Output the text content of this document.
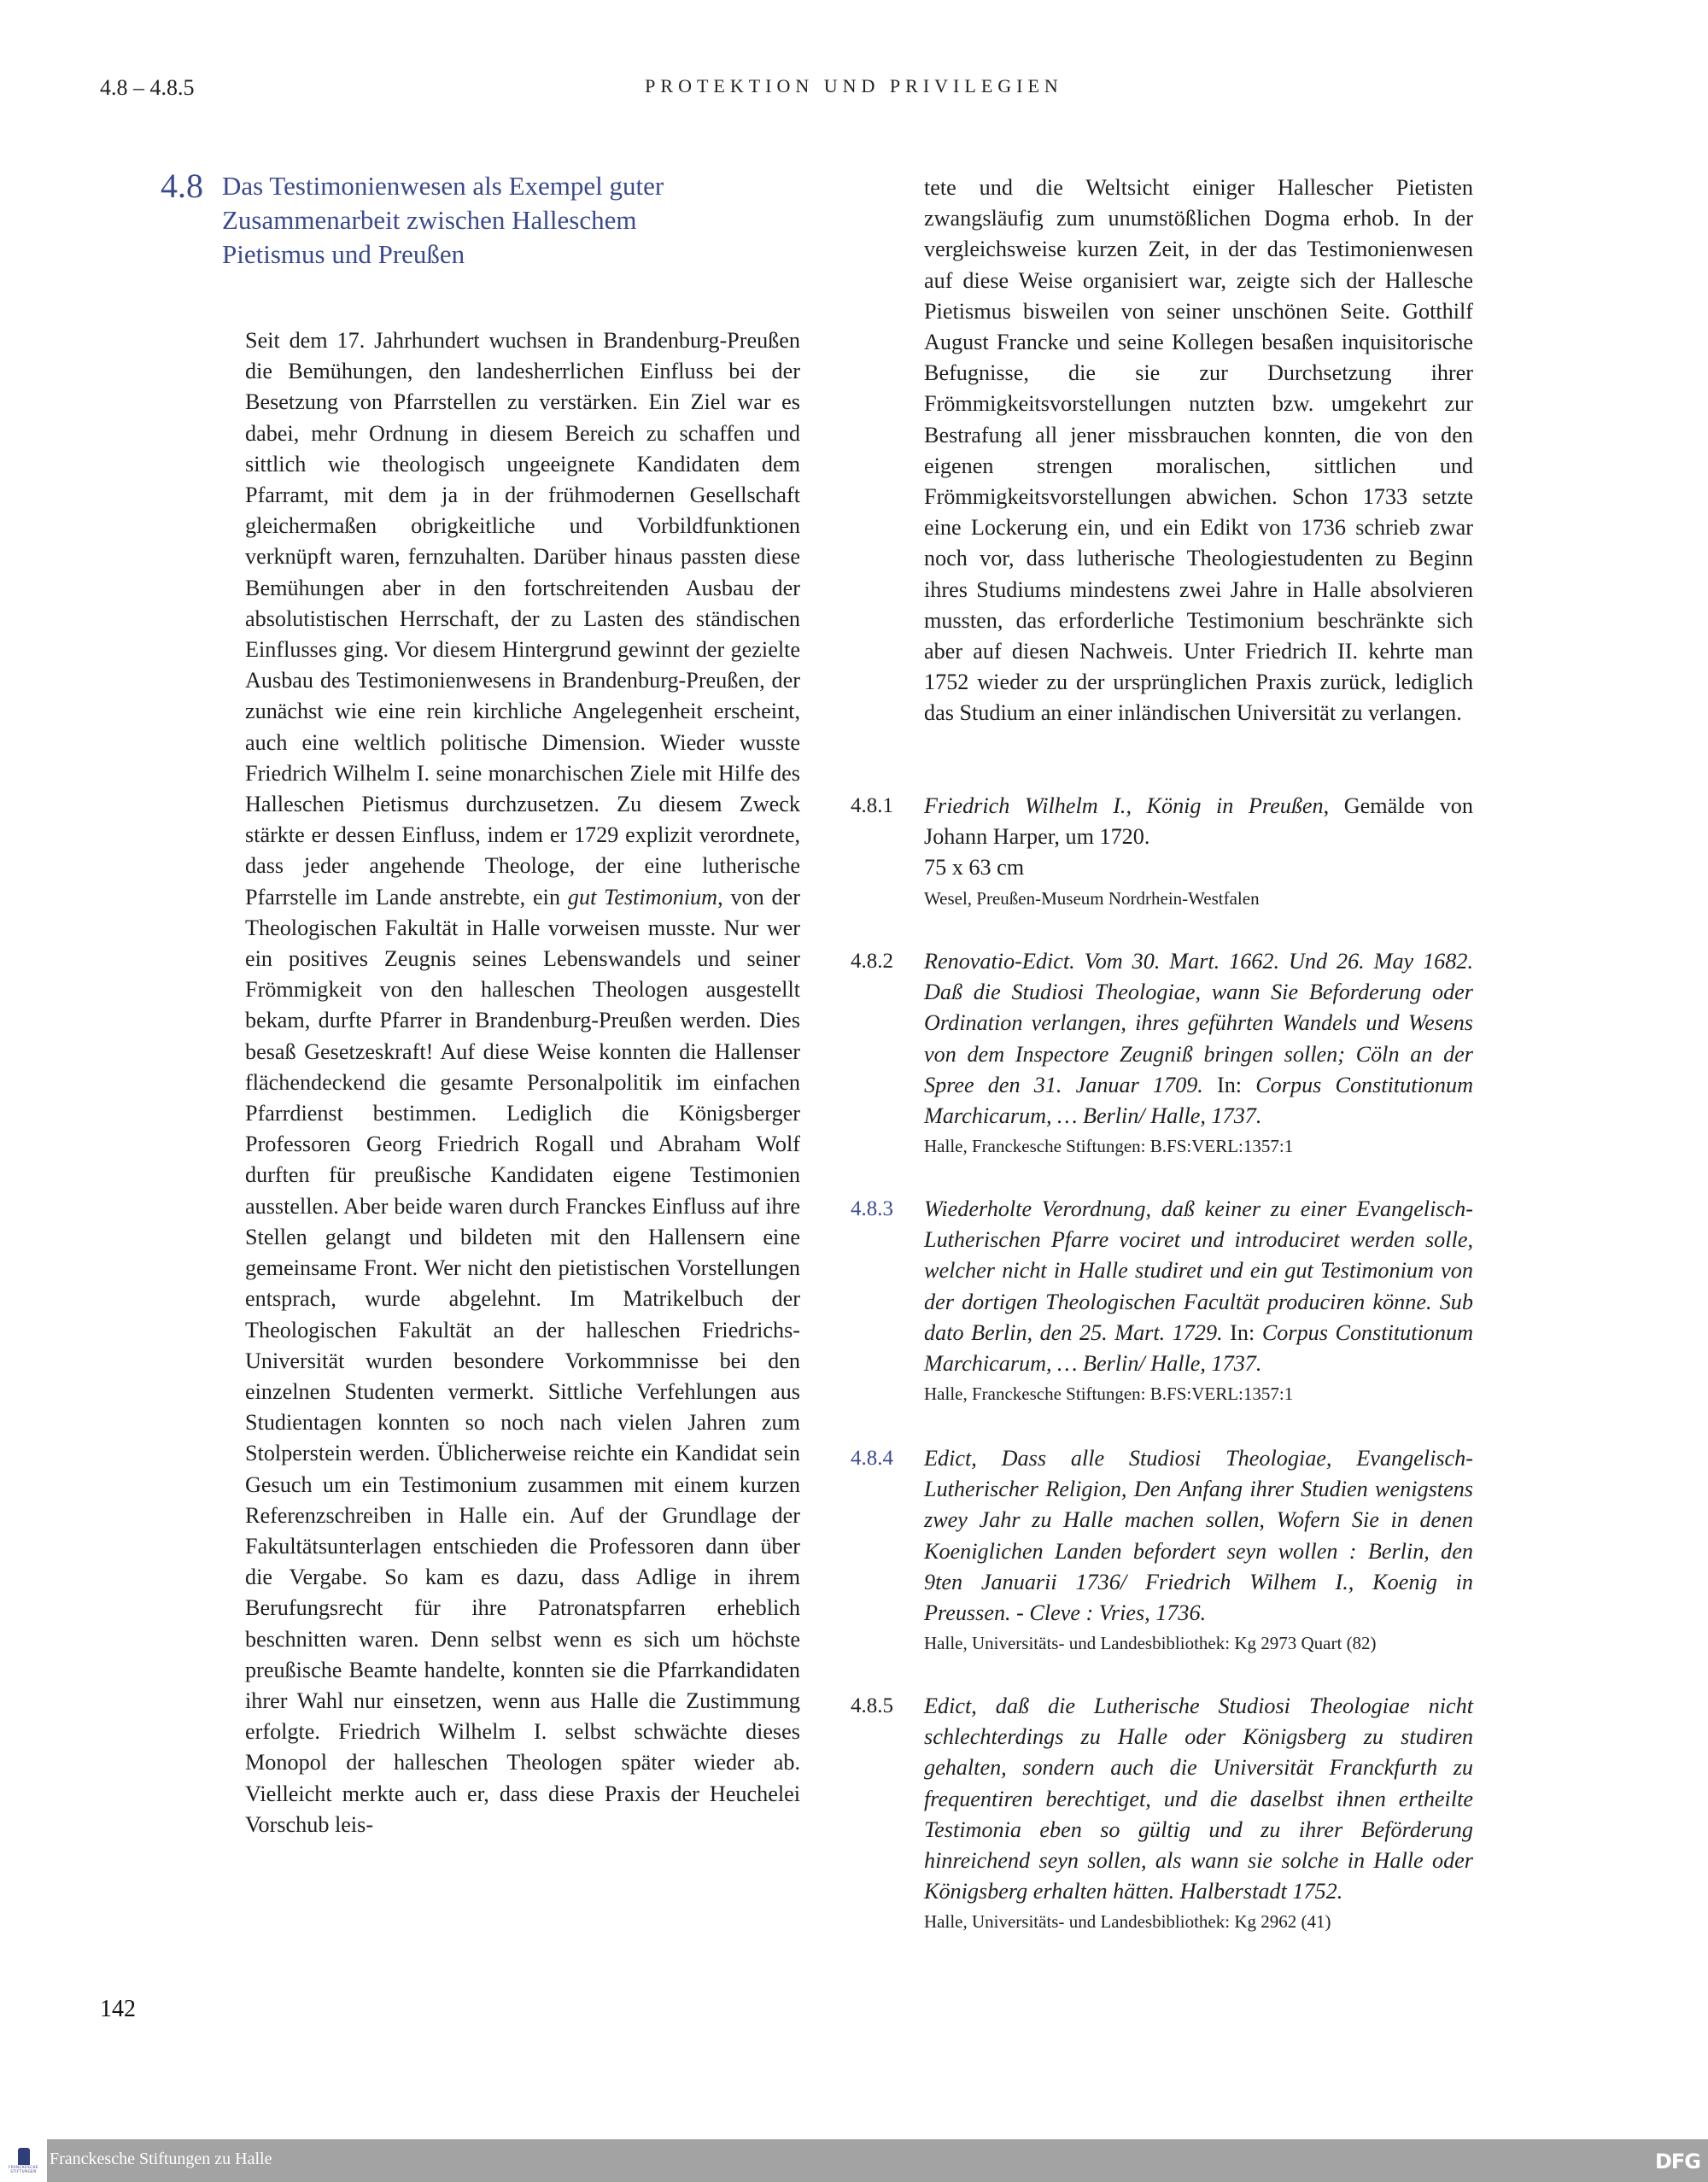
4.8 – 4.8.5	PROTEKTION UND PRIVILEGIEN
4.8 Das Testimonienwesen als Exempel guter Zusammenarbeit zwischen Halleschem Pietismus und Preußen

Seit dem 17. Jahrhundert wuchsen in Brandenburg-Preußen die Bemühungen, den landesherrlichen Einfluss bei der Besetzung von Pfarrstellen zu verstärken. Ein Ziel war es dabei, mehr Ordnung in diesem Bereich zu schaffen und sittlich wie theologisch ungeeignete Kandidaten dem Pfarramt, mit dem ja in der frühmodernen Gesellschaft gleichermaßen obrigkeitliche und Vorbildfunktionen verknüpft waren, fernzuhalten. Darüber hinaus passten diese Bemühungen aber in den fortschreitenden Ausbau der absolutistischen Herrschaft, der zu Lasten des ständischen Einflusses ging. Vor diesem Hintergrund gewinnt der gezielte Ausbau des Testimonienwesens in Brandenburg-Preußen, der zunächst wie eine rein kirchliche Angelegenheit erscheint, auch eine weltlich politische Dimension. Wieder wusste Friedrich Wilhelm I. seine monarchischen Ziele mit Hilfe des Halleschen Pietismus durchzusetzen. Zu diesem Zweck stärkte er dessen Einfluss, indem er 1729 explizit verordnete, dass jeder angehende Theologe, der eine lutherische Pfarrstelle im Lande anstrebte, ein gut Testimonium, von der Theologischen Fakultät in Halle vorweisen musste. Nur wer ein positives Zeugnis seines Lebenswandels und seiner Frömmigkeit von den halleschen Theologen ausgestellt bekam, durfte Pfarrer in Brandenburg-Preußen werden. Dies besaß Gesetzeskraft! Auf diese Weise konnten die Hallenser flächendeckend die gesamte Personalpolitik im einfachen Pfarrdienst bestimmen. Lediglich die Königsberger Professoren Georg Friedrich Rogall und Abraham Wolf durften für preußische Kandidaten eigene Testimonien ausstellen. Aber beide waren durch Franckes Einfluss auf ihre Stellen gelangt und bildeten mit den Hallensern eine gemeinsame Front. Wer nicht den pietistischen Vorstellungen entsprach, wurde abgelehnt. Im Matrikelbuch der Theologischen Fakultät an der halleschen Friedrichs-Universität wurden besondere Vorkommnisse bei den einzelnen Studenten vermerkt. Sittliche Verfehlungen aus Studientagen konnten so noch nach vielen Jahren zum Stolperstein werden. Üblicherweise reichte ein Kandidat sein Gesuch um ein Testimonium zusammen mit einem kurzen Referenzschreiben in Halle ein. Auf der Grundlage der Fakultätsunterlagen entschieden die Professoren dann über die Vergabe. So kam es dazu, dass Adlige in ihrem Berufungsrecht für ihre Patronatspfarren erheblich beschnitten waren. Denn selbst wenn es sich um höchste preußische Beamte handelte, konnten sie die Pfarrkandidaten ihrer Wahl nur einsetzen, wenn aus Halle die Zustimmung erfolgte. Friedrich Wilhelm I. selbst schwächte dieses Monopol der halleschen Theologen später wieder ab. Vielleicht merkte auch er, dass diese Praxis der Heuchelei Vorschub leis-

tete und die Weltsicht einiger Hallescher Pietisten zwangsläufig zum unumstößlichen Dogma erhob. In der vergleichsweise kurzen Zeit, in der das Testimonienwesen auf diese Weise organisiert war, zeigte sich der Hallesche Pietismus bisweilen von seiner unschönen Seite. Gotthilf August Francke und seine Kollegen besaßen inquisitorische Befugnisse, die sie zur Durchsetzung ihrer Frömmigkeitsvorstellungen nutzten bzw. umgekehrt zur Bestrafung all jener missbrauchen konnten, die von den eigenen strengen moralischen, sittlichen und Frömmigkeitsvorstellungen abwichen. Schon 1733 setzte eine Lockerung ein, und ein Edikt von 1736 schrieb zwar noch vor, dass lutherische Theologiestudenten zu Beginn ihres Studiums mindestens zwei Jahre in Halle absolvieren mussten, das erforderliche Testimonium beschränkte sich aber auf diesen Nachweis. Unter Friedrich II. kehrte man 1752 wieder zu der ursprünglichen Praxis zurück, lediglich das Studium an einer inländischen Universität zu verlangen.

4.8.1	Friedrich Wilhelm I., König in Preußen, Gemälde von Johann Harper, um 1720.
75 x 63 cm
Wesel, Preußen-Museum Nordrhein-Westfalen
4.8.2	Renovatio-Edict. Vom 30. Mart. 1662. Und 26. May 1682. Daß die Studiosi Theologiae, wann Sie Beforderung oder Ordination verlangen, ihres geführten Wandels und Wesens von dem Inspectore Zeugniß bringen sollen; Cöln an der Spree den 31. Januar 1709. In: Corpus Constitutionum Marchicarum, … Berlin/ Halle, 1737.
Halle, Franckesche Stiftungen: B.FS:VERL:1357:1
4.8.3	Wiederholte Verordnung, daß keiner zu einer Evangelisch-Lutherischen Pfarre vociret und introduciret werden solle, welcher nicht in Halle studiret und ein gut Testimonium von der dortigen Theologischen Facultät produciren könne. Sub dato Berlin, den 25. Mart. 1729. In: Corpus Constitutionum Marchicarum, … Berlin/ Halle, 1737.
Halle, Franckesche Stiftungen: B.FS:VERL:1357:1
4.8.4	Edict, Dass alle Studiosi Theologiae, Evangelisch-Lutherischer Religion, Den Anfang ihrer Studien wenigstens zwey Jahr zu Halle machen sollen, Wofern Sie in denen Koeniglichen Landen befordert seyn wollen : Berlin, den 9ten Januarii 1736/ Friedrich Wilhem I., Koenig in Preussen. - Cleve : Vries, 1736.
Halle, Universitäts- und Landesbibliothek: Kg 2973 Quart (82)
4.8.5	Edict, daß die Lutherische Studiosi Theologiae nicht schlechterdings zu Halle oder Königsberg zu studiren gehalten, sondern auch die Universität Franckfurth zu frequentiren berechtiget, und die daselbst ihnen ertheilte Testimonia eben so gültig und zu ihrer Beförderung hinreichend seyn sollen, als wann sie solche in Halle oder Königsberg erhalten hätten. Halberstadt 1752.
Halle, Universitäts- und Landesbibliothek: Kg 2962 (41)
142
FRANCKESCHE
STIFTUNGEN
Franckesche Stiftungen zu Halle	DFG
